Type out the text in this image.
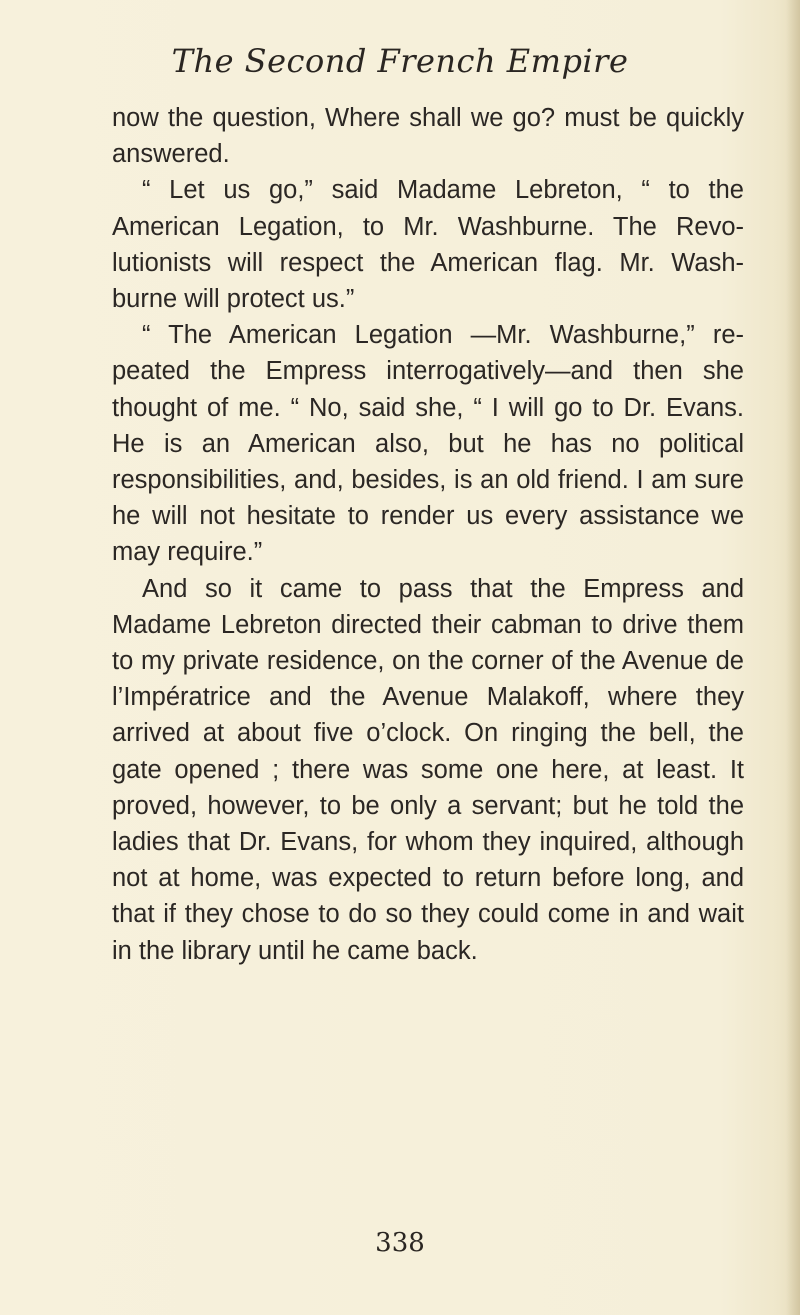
The Second French Empire

now the question, Where shall we go? must be quickly answered.

“ Let us go,” said Madame Lebreton, “ to the American Legation, to Mr. Washburne. The Revo- lutionists will respect the American flag. Mr. Wash- burne will protect us.”

“ The American Legation —Mr. Washburne,” re- peated the Empress interrogatively—and then she thought of me. “ No, said she, “ I will go to Dr. Evans. He is an American also, but he has no political responsibilities, and, besides, is an old friend. I am sure he will not hesitate to render us every assistance we may require.”

And so it came to pass that the Empress and Madame Lebreton directed their cabman to drive them to my private residence, on the corner of the Avenue de l’Impératrice and the Avenue Malakoff, where they arrived at about five o’clock. On ringing the bell, the gate opened ; there was some one here, at least. It proved, however, to be only a servant; but he told the ladies that Dr. Evans, for whom they inquired, although not at home, was expected to return before long, and that if they chose to do so they could come in and wait in the library until he came back.

338
